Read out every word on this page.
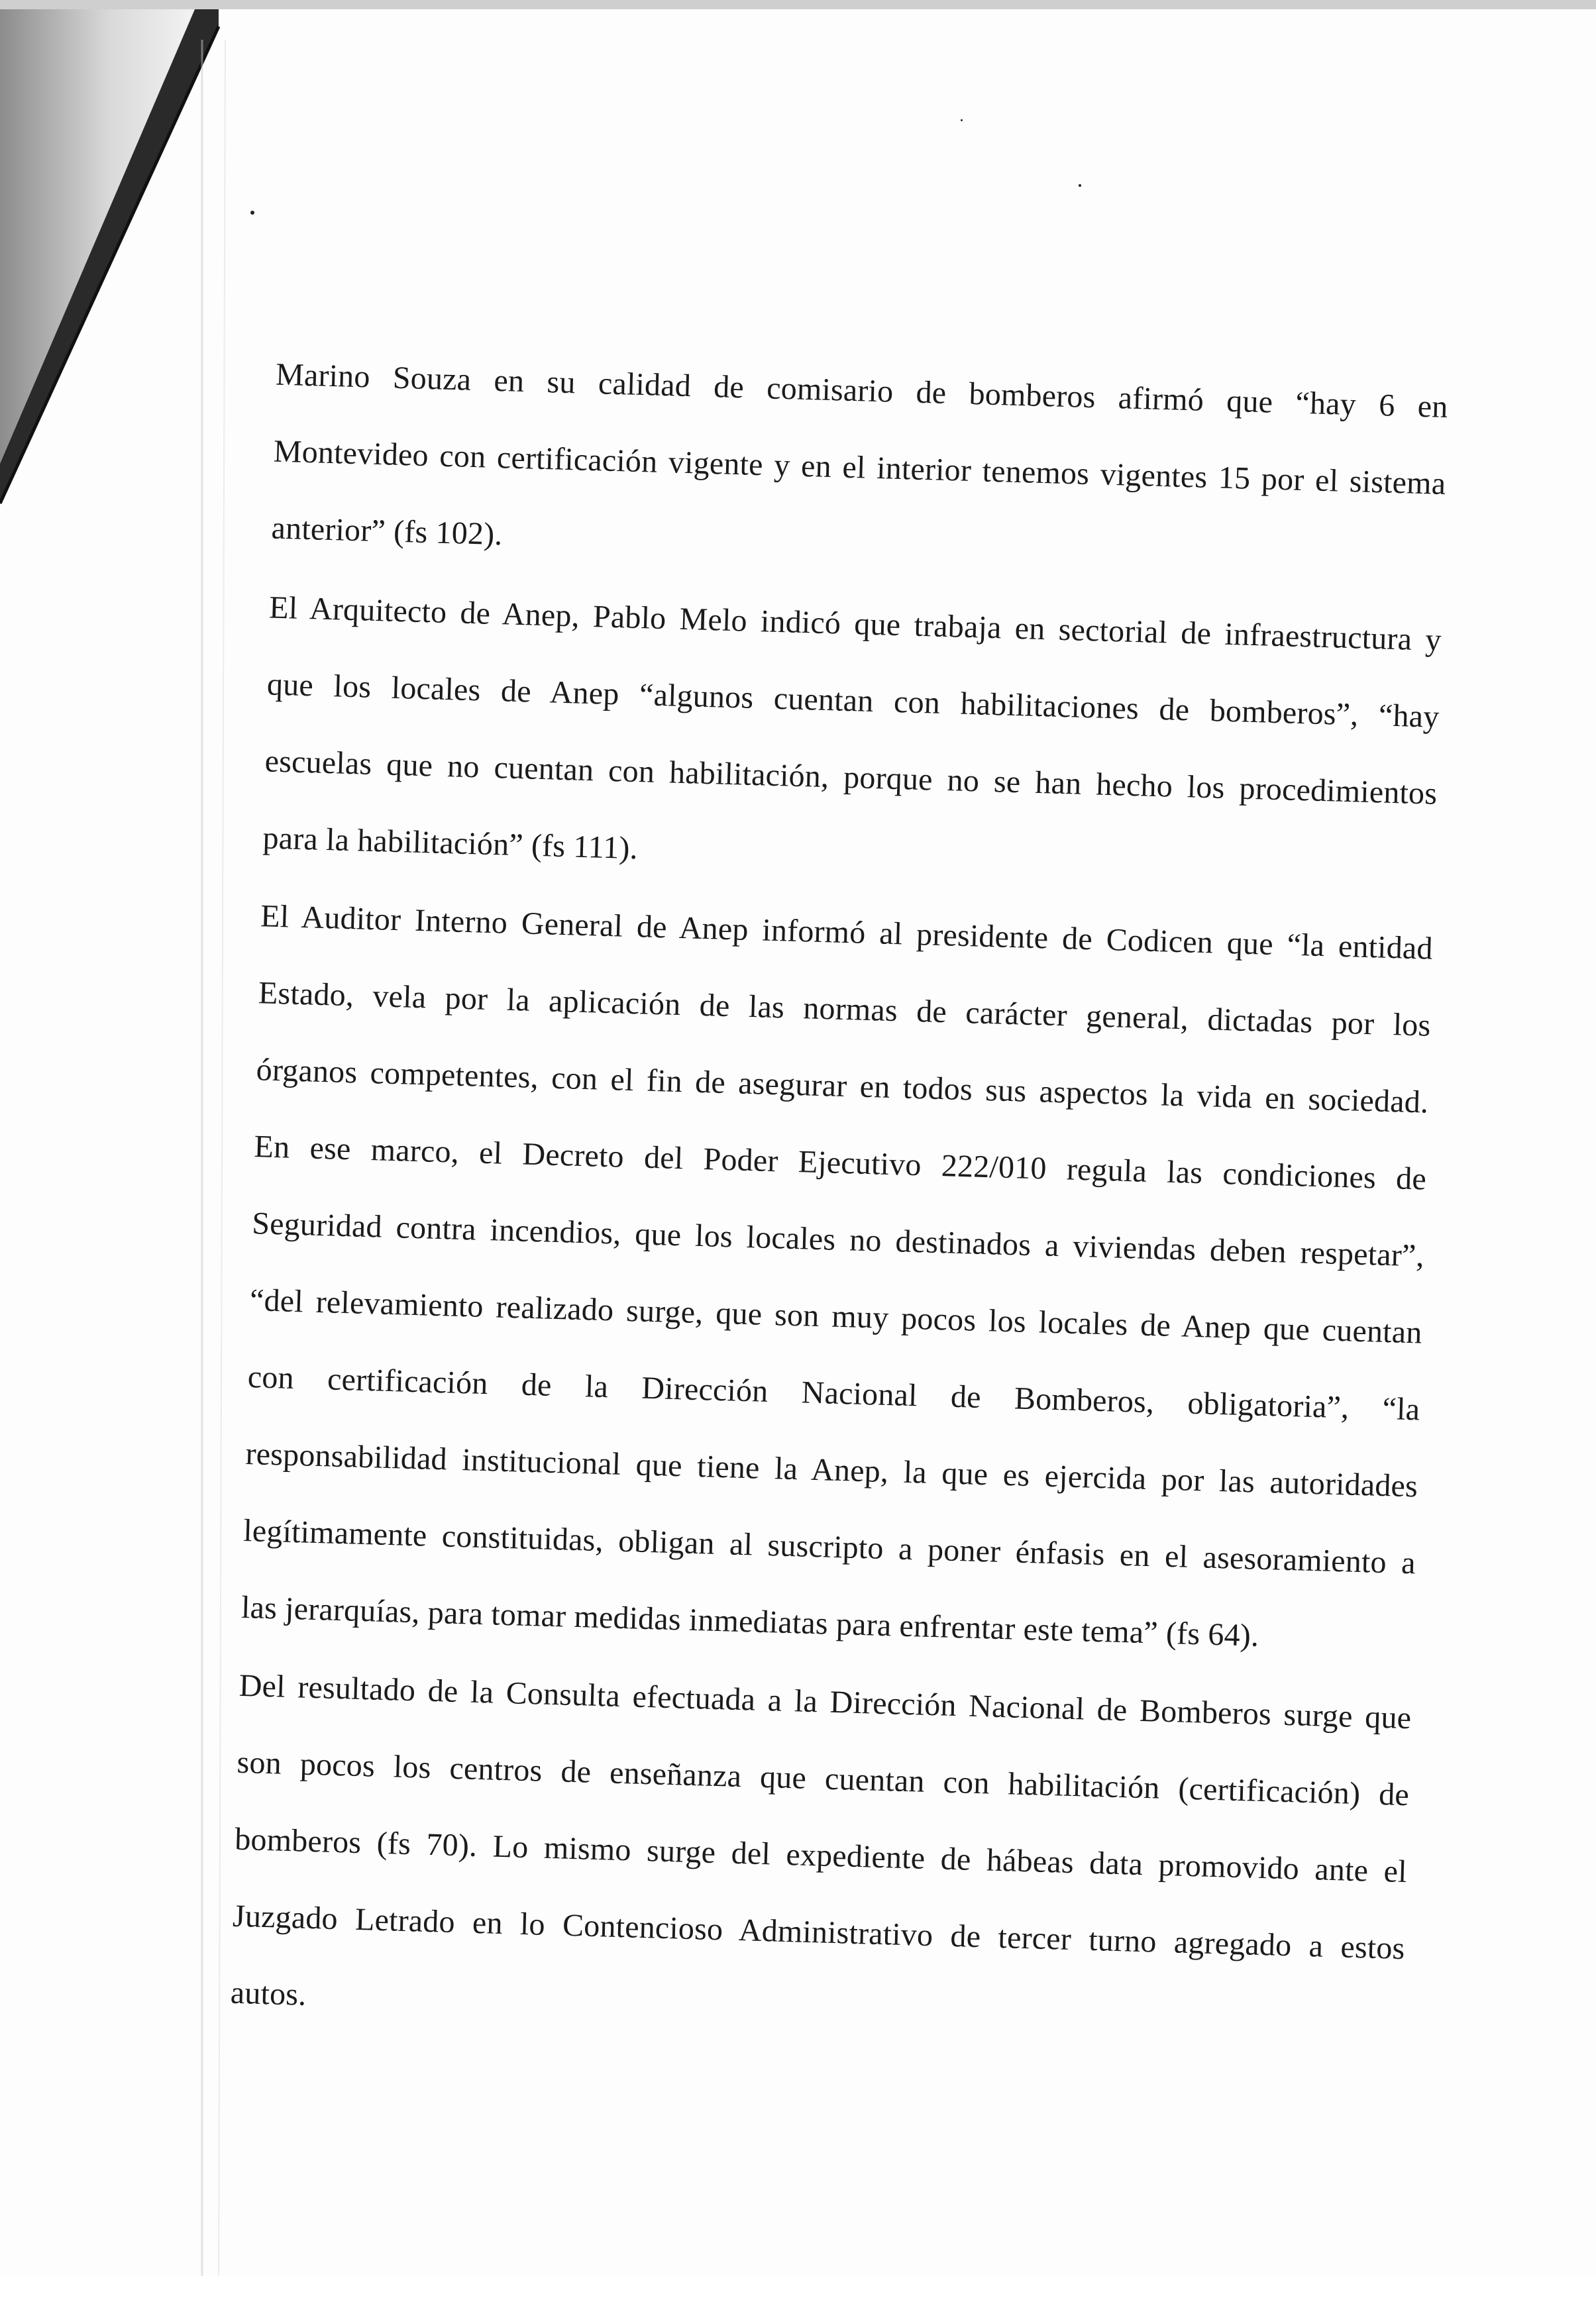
Marino Souza en su calidad de comisario de bomberos afirmó que “hay 6 en
Montevideo con certificación vigente y en el interior tenemos vigentes 15 por el sistema
anterior” (fs 102).
El Arquitecto de Anep, Pablo Melo indicó que trabaja en sectorial de infraestructura y
que los locales de Anep “algunos cuentan con habilitaciones de bomberos”, “hay
escuelas que no cuentan con habilitación, porque no se han hecho los procedimientos
para la habilitación” (fs 111).
El Auditor Interno General de Anep informó al presidente de Codicen que “la entidad
Estado, vela por la aplicación de las normas de carácter general, dictadas por los
órganos competentes, con el fin de asegurar en todos sus aspectos la vida en sociedad.
En ese marco, el Decreto del Poder Ejecutivo 222/010 regula las condiciones de
Seguridad contra incendios, que los locales no destinados a viviendas deben respetar”,
“del relevamiento realizado surge, que son muy pocos los locales de Anep que cuentan
con certificación de la Dirección Nacional de Bomberos, obligatoria”, “la
responsabilidad institucional que tiene la Anep, la que es ejercida por las autoridades
legítimamente constituidas, obligan al suscripto a poner énfasis en el asesoramiento a
las jerarquías, para tomar medidas inmediatas para enfrentar este tema” (fs 64).
Del resultado de la Consulta efectuada a la Dirección Nacional de Bomberos surge que
son pocos los centros de enseñanza que cuentan con habilitación (certificación) de
bomberos (fs 70). Lo mismo surge del expediente de hábeas data promovido ante el
Juzgado Letrado en lo Contencioso Administrativo de tercer turno agregado a estos
autos.
